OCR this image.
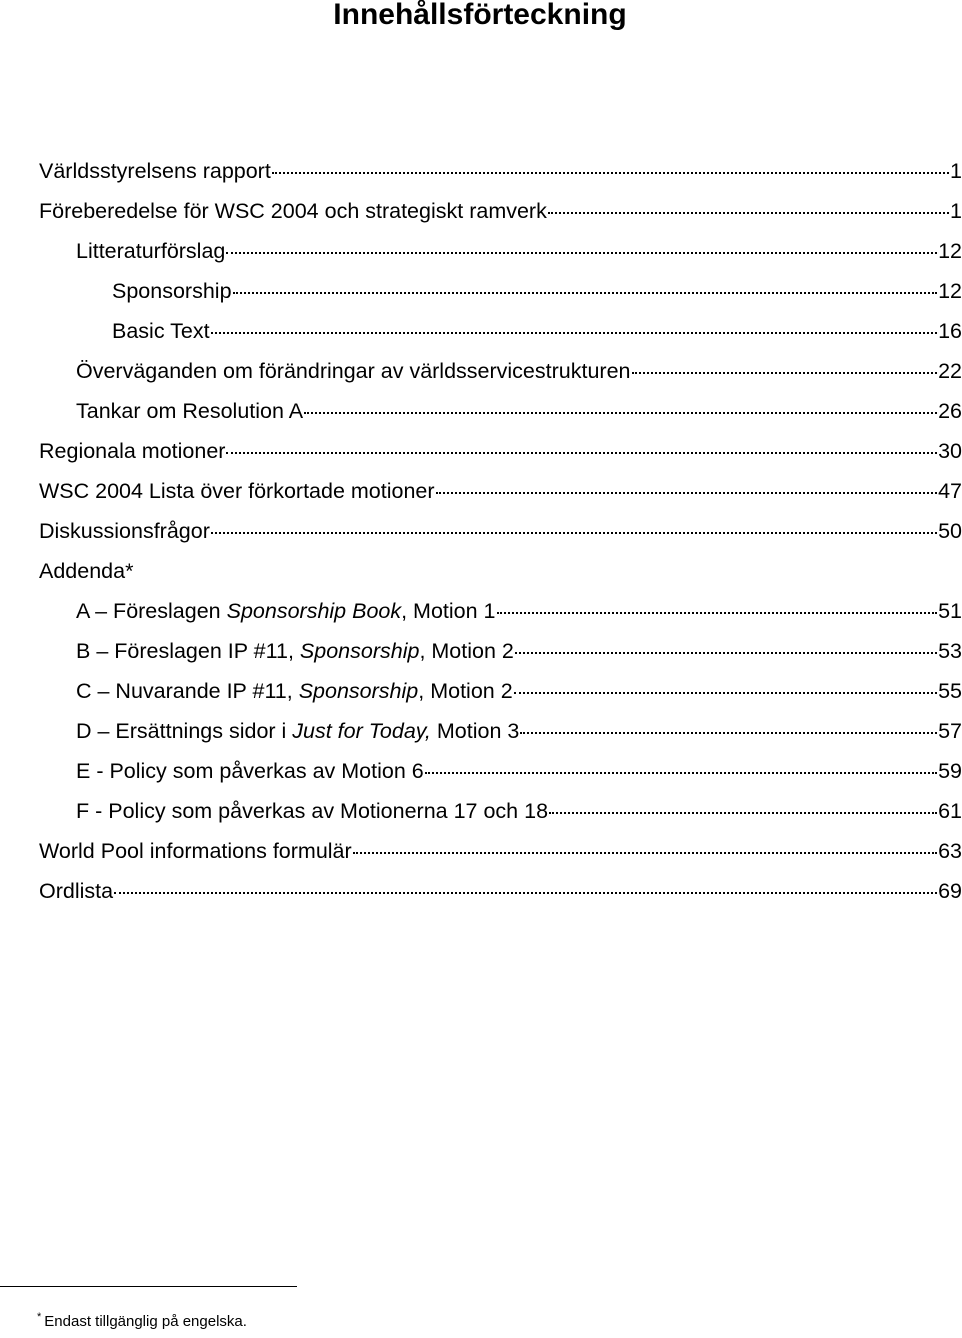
Innehållsförteckning
Världsstyrelsens rapport	1
Föreberedelse för WSC 2004 och strategiskt ramverk	1
Litteraturförslag	12
Sponsorship	12
Basic Text	16
Överväganden om förändringar av världsservicestrukturen	22
Tankar om Resolution A	26
Regionala motioner	30
WSC 2004 Lista över förkortade motioner	47
Diskussionsfrågor	50
Addenda*
A – Föreslagen Sponsorship Book, Motion 1	51
B – Föreslagen IP #11, Sponsorship, Motion 2	53
C – Nuvarande IP #11, Sponsorship, Motion 2	55
D – Ersättnings sidor i Just for Today, Motion 3	57
E - Policy som påverkas av Motion 6	59
F - Policy som påverkas av Motionerna 17 och 18	61
World Pool informations formulär	63
Ordlista	69
* Endast tillgänglig på engelska.
